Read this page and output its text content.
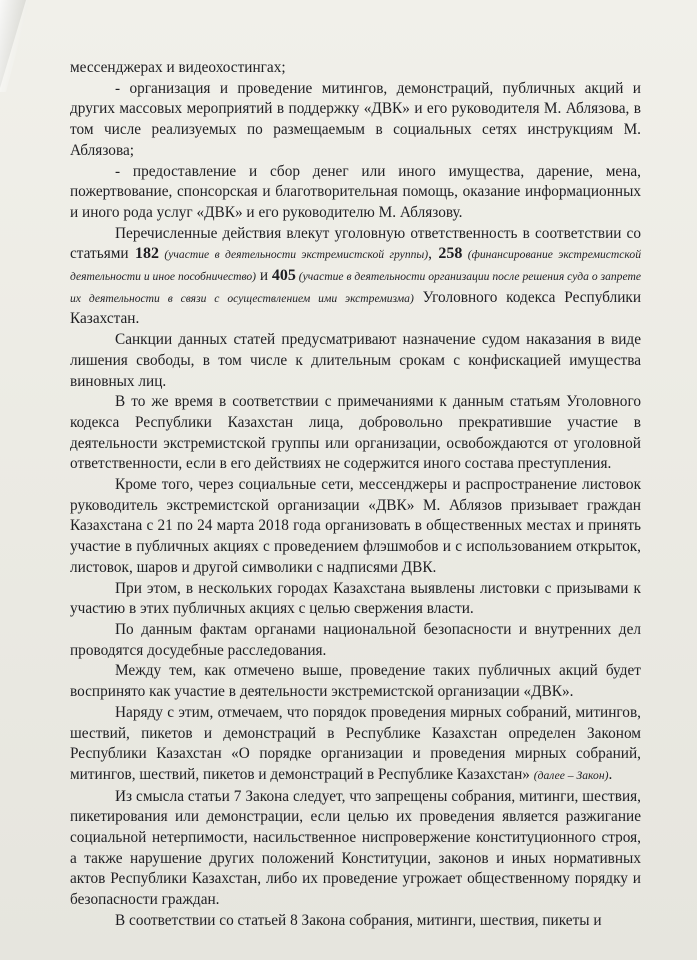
мессенджерах и видеохостингах;

- организация и проведение митингов, демонстраций, публичных акций и других массовых мероприятий в поддержку «ДВК» и его руководителя М. Аблязова, в том числе реализуемых по размещаемым в социальных сетях инструкциям М. Аблязова;

- предоставление и сбор денег или иного имущества, дарение, мена, пожертвование, спонсорская и благотворительная помощь, оказание информационных и иного рода услуг «ДВК» и его руководителю М. Аблязову.

Перечисленные действия влекут уголовную ответственность в соответствии со статьями 182 (участие в деятельности экстремистской группы), 258 (финансирование экстремистской деятельности и иное пособничество) и 405 (участие в деятельности организации после решения суда о запрете их деятельности в связи с осуществлением ими экстремизма) Уголовного кодекса Республики Казахстан.

Санкции данных статей предусматривают назначение судом наказания в виде лишения свободы, в том числе к длительным срокам с конфискацией имущества виновных лиц.

В то же время в соответствии с примечаниями к данным статьям Уголовного кодекса Республики Казахстан лица, добровольно прекратившие участие в деятельности экстремистской группы или организации, освобождаются от уголовной ответственности, если в его действиях не содержится иного состава преступления.

Кроме того, через социальные сети, мессенджеры и распространение листовок руководитель экстремистской организации «ДВК» М. Аблязов призывает граждан Казахстана с 21 по 24 марта 2018 года организовать в общественных местах и принять участие в публичных акциях с проведением флэшмобов и с использованием открыток, листовок, шаров и другой символики с надписями ДВК.

При этом, в нескольких городах Казахстана выявлены листовки с призывами к участию в этих публичных акциях с целью свержения власти.

По данным фактам органами национальной безопасности и внутренних дел проводятся досудебные расследования.

Между тем, как отмечено выше, проведение таких публичных акций будет воспринято как участие в деятельности экстремистской организации «ДВК».

Наряду с этим, отмечаем, что порядок проведения мирных собраний, митингов, шествий, пикетов и демонстраций в Республике Казахстан определен Законом Республики Казахстан «О порядке организации и проведения мирных собраний, митингов, шествий, пикетов и демонстраций в Республике Казахстан» (далее – Закон).

Из смысла статьи 7 Закона следует, что запрещены собрания, митинги, шествия, пикетирования или демонстрации, если целью их проведения является разжигание социальной нетерпимости, насильственное ниспровержение конституционного строя, а также нарушение других положений Конституции, законов и иных нормативных актов Республики Казахстан, либо их проведение угрожает общественному порядку и безопасности граждан.

В соответствии со статьей 8 Закона собрания, митинги, шествия, пикеты и
